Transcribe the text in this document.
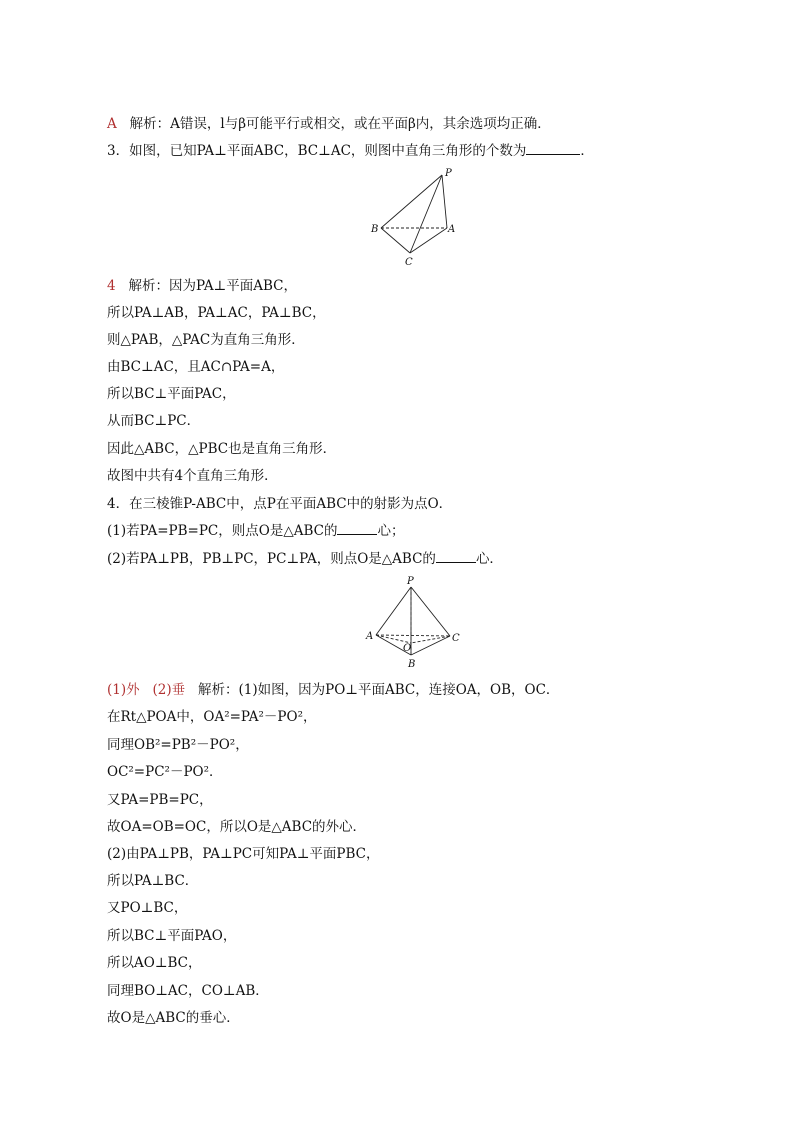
A 解析：A错误，l与β可能平行或相交，或在平面β内，其余选项均正确．
3．如图，已知PA⊥平面ABC，BC⊥AC，则图中直角三角形的个数为	．
P
B	A
C
4 解析：因为PA⊥平面ABC，
所以PA⊥AB，PA⊥AC，PA⊥BC，
则△PAB，△PAC为直角三角形．
由BC⊥AC，且AC∩PA=A，
所以BC⊥平面PAC，
从而BC⊥PC．
因此△ABC，△PBC也是直角三角形．
故图中共有4个直角三角形．
4．在三棱锥P-ABC中，点P在平面ABC中的射影为点O．
(1)若PA=PB=PC，则点O是△ABC的	心；
(2)若PA⊥PB，PB⊥PC，PC⊥PA，则点O是△ABC的	心．
P
A	C
O
B
(1)外 (2)垂 解析：(1)如图，因为PO⊥平面ABC，连接OA，OB，OC．
在Rt△POA中，OA²=PA²－PO²，
同理OB²=PB²－PO²，
OC²=PC²－PO²．
又PA=PB=PC，
故OA=OB=OC，所以O是△ABC的外心．
(2)由PA⊥PB，PA⊥PC可知PA⊥平面PBC，
所以PA⊥BC．
又PO⊥BC，
所以BC⊥平面PAO，
所以AO⊥BC，
同理BO⊥AC，CO⊥AB．
故O是△ABC的垂心．
